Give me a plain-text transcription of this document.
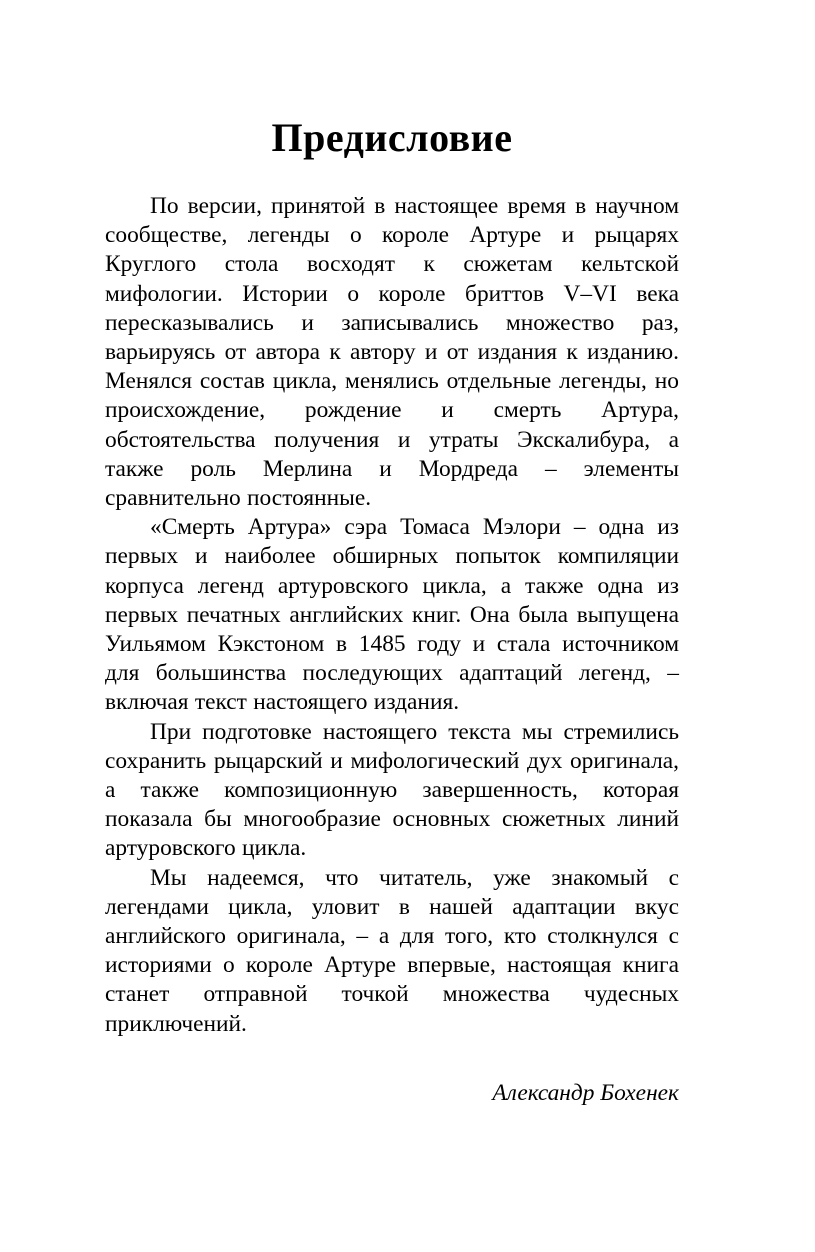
Предисловие

По версии, принятой в настоящее время в научном сообществе, легенды о короле Артуре и рыцарях Круглого стола восходят к сюжетам кельтской мифологии. Истории о короле бриттов V–VI века пересказывались и записывались множество раз, варьируясь от автора к автору и от издания к изданию. Менялся состав цикла, менялись отдельные легенды, но происхождение, рождение и смерть Артура, обстоятельства получения и утраты Экскалибура, а также роль Мерлина и Мордреда – элементы сравнительно постоянные.

«Смерть Артура» сэра Томаса Мэлори – одна из первых и наиболее обширных попыток компиляции корпуса легенд артуровского цикла, а также одна из первых печатных английских книг. Она была выпущена Уильямом Кэкстоном в 1485 году и стала источником для большинства последующих адаптаций легенд, – включая текст настоящего издания.

При подготовке настоящего текста мы стремились сохранить рыцарский и мифологический дух оригинала, а также композиционную завершенность, которая показала бы многообразие основных сюжетных линий артуровского цикла.

Мы надеемся, что читатель, уже знакомый с легендами цикла, уловит в нашей адаптации вкус английского оригинала, – а для того, кто столкнулся с историями о короле Артуре впервые, настоящая книга станет отправной точкой множества чудесных приключений.

Александр Бохенек
